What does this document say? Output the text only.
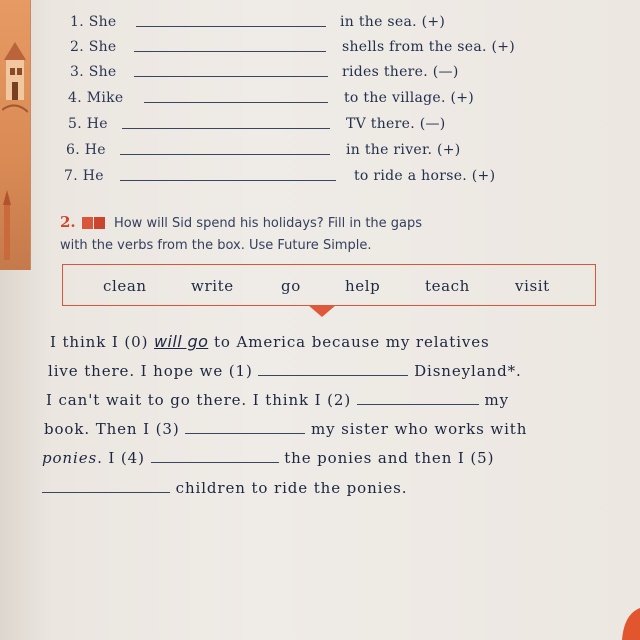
1. She	in the sea. (+)
2. She	shells from the sea. (+)
3. She	rides there. (—)
4. Mike	to the village. (+)
5. He	TV there. (—)
6. He	in the river. (+)
7. He	to ride a horse. (+)
2.	How will Sid spend his holidays? Fill in the gaps
with the verbs from the box. Use Future Simple.
clean	write	go	help	teach	visit
I think I (0) will go to America because my relatives
live there. I hope we (1)	Disneyland*.
I can't wait to go there. I think I (2)	my
book. Then I (3)	my sister who works with
ponies. I (4)	the ponies and then I (5)
children to ride the ponies.
